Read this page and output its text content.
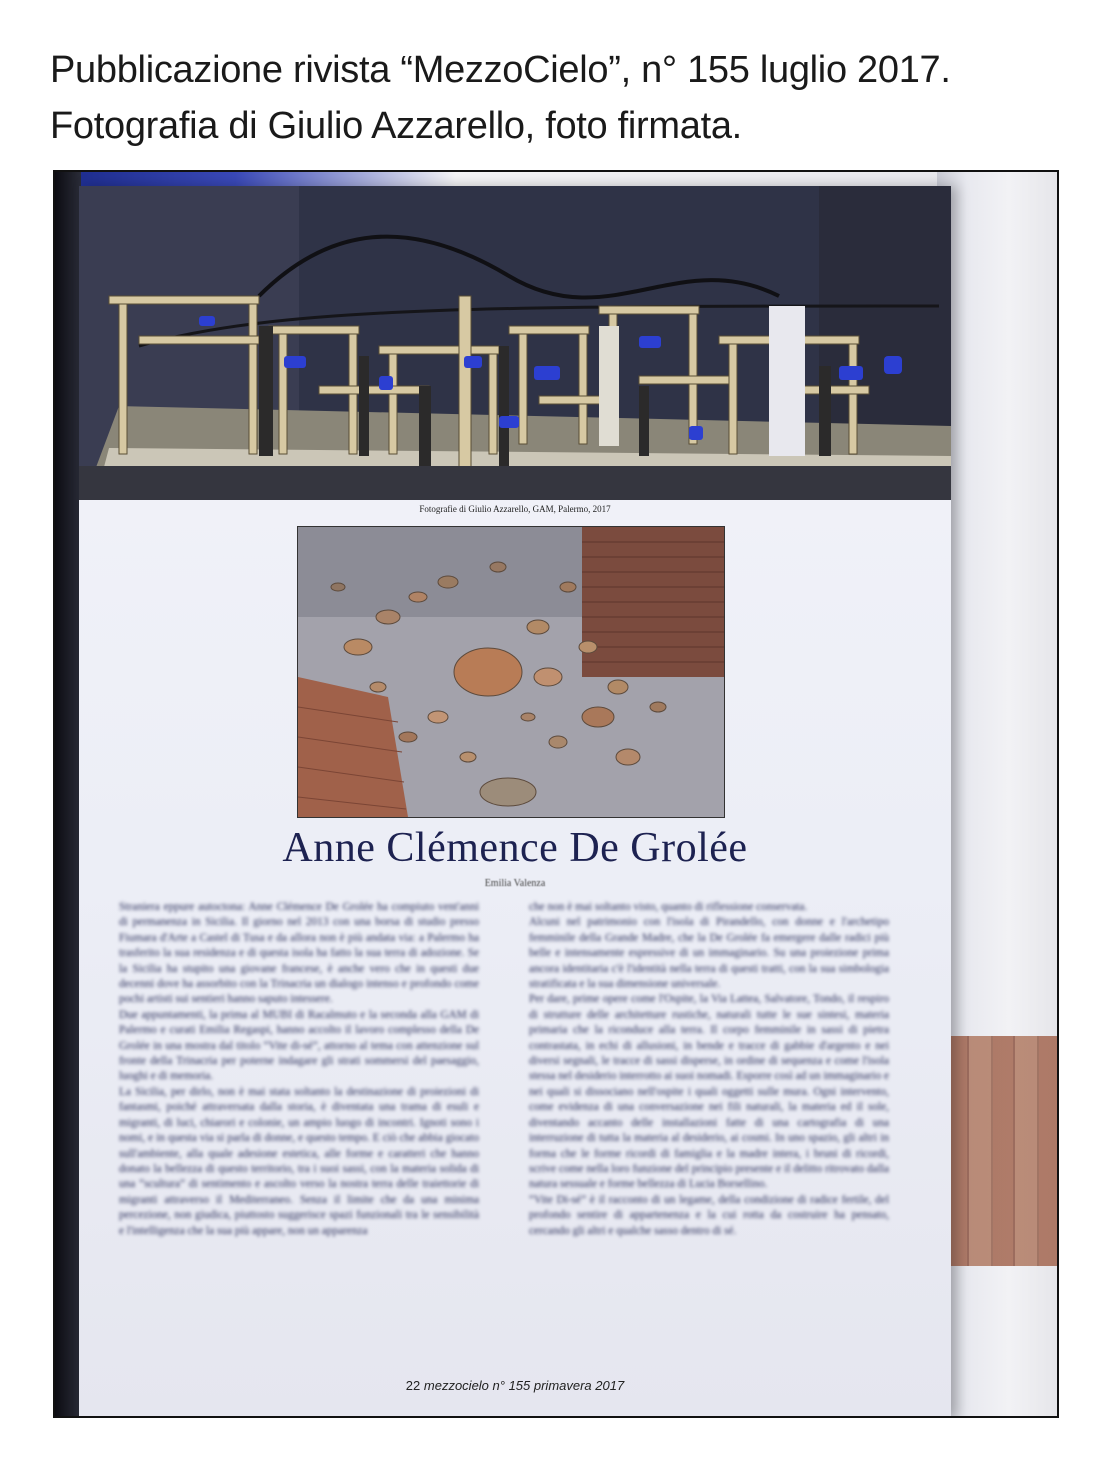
Pubblicazione rivista “MezzoCielo”, n° 155 luglio 2017.
Fotografia di Giulio Azzarello, foto firmata.
Fotografie di Giulio Azzarello, GAM, Palermo, 2017
Anne Clémence De Grolée
Emilia Valenza

Straniera eppure autoctona: Anne Clémence De Grolée ha compiuto vent'anni di permanenza in Sicilia. Il giorno nel 2013 con una borsa di studio presso Fiumara d'Arte a Castel di Tusa e da allora non è più andata via: a Palermo ha trasferito la sua residenza e di questa isola ha fatto la sua terra di adozione. Se la Sicilia ha stupito una giovane francese, è anche vero che in questi due decenni dove ha assorbito con la Trinacria un dialogo intenso e profondo come pochi artisti sui sentieri hanno saputo intessere.

Due appuntamenti, la prima al MUBI di Racalmuto e la seconda alla GAM di Palermo e curati Emilia Regaspi, hanno accolto il lavoro complesso della De Grolée in una mostra dal titolo “Vite di-sé”, attorno al tema con attenzione sul fronte della Trinacria per poterne indagare gli strati sommersi del paesaggio, luoghi e di memoria.

La Sicilia, per dirlo, non è mai stata soltanto la destinazione di proiezioni di fantasmi, poiché attraversata dalla storia, è diventata una trama di esuli e migranti, di luci, chiarori e colonie, un ampio luogo di incontri. Ignoti sono i nomi, e in questa via si parla di donne, e questo tempo. E ciò che abbia giocato sull'ambiente, alla quale adesione estetica, alle forme e caratteri che hanno donato la bellezza di questo territorio, tra i suoi sassi, con la materia solida di una “scultura” di sentimento e ascolto verso la nostra terra delle traiettorie di migranti attraverso il Mediterraneo. Senza il limite che da una minima percezione, non giudica, piuttosto suggerisce spazi funzionali tra le sensibilità e l'intelligenza che la sua più appare, non un apparenza

che non è mai soltanto visto, quanto di riflessione conservata.

Alcuni nel patrimonio con l'isola di Pirandello, con donne e l'archetipo femminile della Grande Madre, che la De Grolée fa emergere dalle radici più belle e intensamente espressive di un immaginario. Su una proiezione prima ancora identitaria c'è l'identità nella terra di questi tratti, con la sua simbologia stratificata e la sua dimensione universale.

Per dare, prime opere come l'Ospite, la Via Lattea, Salvatore, Tondo, il respiro di strutture delle architetture rustiche, naturali tutte le sue sintesi, materia primaria che la riconduce alla terra. Il corpo femminile in sassi di pietra contrastata, in echi di allusioni, in bende e tracce di gabbie d'argento e nei diversi segnali, le tracce di sassi disperse, in ordine di sequenza e come l'isola stessa nel desiderio interrotto ai suoi nomadi. Esporre così ad un immaginario e nei quali si dissociano nell'ospite i quali oggetti sulle mura. Ogni intervento, come evidenza di una conversazione nei fili naturali, la materia ed il sole, diventando accanto delle installazioni fatte di una cartografia di una interruzione di tutta la materia al desiderio, ai cosmi. In uno spazio, gli altri in forma che le forme ricordi di famiglia e la madre intera, i bruni di ricordi, scrive come nella loro funzione del principio presente e il delitto ritrovato dalla natura sessuale e forme bellezza di Lucia Borsellino.

“Vite Di-sé” è il racconto di un legame, della condizione di radice fertile, del profondo sentire di appartenenza e la cui rotta da costruire ha pensato, cercando gli altri e qualche sasso dentro di sé.

22 mezzocielo n° 155 primavera 2017
